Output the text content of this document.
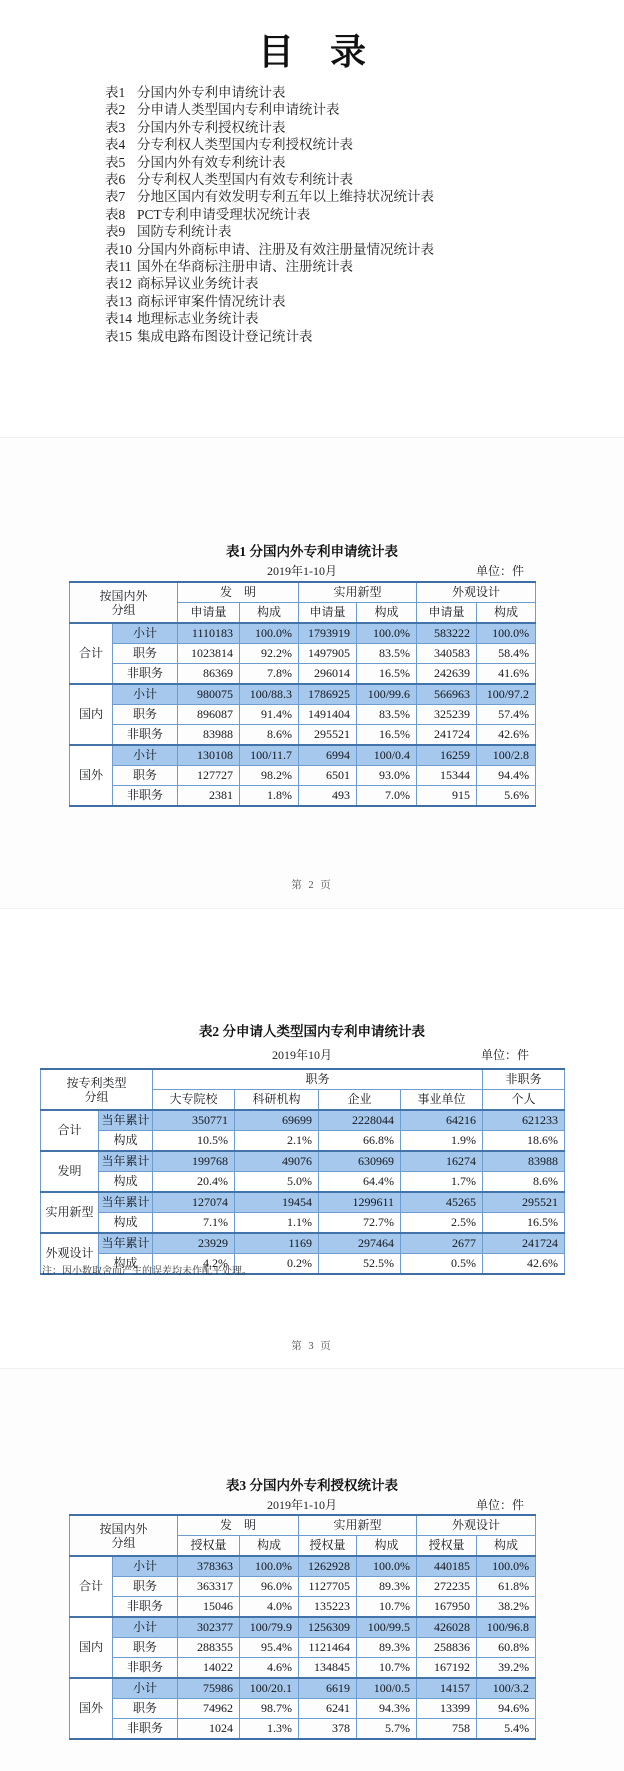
目　录
表1 分国内外专利申请统计表
表2 分申请人类型国内专利申请统计表
表3 分国内外专利授权统计表
表4 分专利权人类型国内专利授权统计表
表5 分国内外有效专利统计表
表6 分专利权人类型国内有效专利统计表
表7 分地区国内有效发明专利五年以上维持状况统计表
表8 PCT专利申请受理状况统计表
表9 国防专利统计表
表10 分国内外商标申请、注册及有效注册量情况统计表
表11 国外在华商标注册申请、注册统计表
表12 商标异议业务统计表
表13 商标评审案件情况统计表
表14 地理标志业务统计表
表15 集成电路布图设计登记统计表
表1 分国内外专利申请统计表
2019年1-10月	单位：件
按国内外
分组		发　明		实用新型		外观设计	
		申请量	构成	申请量	构成	申请量	构成
合计	小计	1110183	100.0%	1793919	100.0%	583222	100.0%
	职务	1023814	92.2%	1497905	83.5%	340583	58.4%
	非职务	86369	7.8%	296014	16.5%	242639	41.6%
国内	小计	980075	100/88.3	1786925	100/99.6	566963	100/97.2
	职务	896087	91.4%	1491404	83.5%	325239	57.4%
	非职务	83988	8.6%	295521	16.5%	241724	42.6%
国外	小计	130108	100/11.7	6994	100/0.4	16259	100/2.8
	职务	127727	98.2%	6501	93.0%	15344	94.4%
	非职务	2381	1.8%	493	7.0%	915	5.6%
第 2 页
表2 分申请人类型国内专利申请统计表
2019年10月	单位：件
按专利类型
分组		职务				非职务
		大专院校	科研机构	企业	事业单位	个人
合计	当年累计	350771	69699	2228044	64216	621233
	构成	10.5%	2.1%	66.8%	1.9%	18.6%
发明	当年累计	199768	49076	630969	16274	83988
	构成	20.4%	5.0%	64.4%	1.7%	8.6%
实用新型	当年累计	127074	19454	1299611	45265	295521
	构成	7.1%	1.1%	72.7%	2.5%	16.5%
外观设计	当年累计	23929	1169	297464	2677	241724
	构成	4.2%	0.2%	52.5%	0.5%	42.6%
注：因小数取舍而产生的误差均未作配平处理。
第 3 页
表3 分国内外专利授权统计表
2019年1-10月	单位：件
按国内外
分组		发　明		实用新型		外观设计	
		授权量	构成	授权量	构成	授权量	构成
合计	小计	378363	100.0%	1262928	100.0%	440185	100.0%
	职务	363317	96.0%	1127705	89.3%	272235	61.8%
	非职务	15046	4.0%	135223	10.7%	167950	38.2%
国内	小计	302377	100/79.9	1256309	100/99.5	426028	100/96.8
	职务	288355	95.4%	1121464	89.3%	258836	60.8%
	非职务	14022	4.6%	134845	10.7%	167192	39.2%
国外	小计	75986	100/20.1	6619	100/0.5	14157	100/3.2
	职务	74962	98.7%	6241	94.3%	13399	94.6%
	非职务	1024	1.3%	378	5.7%	758	5.4%
